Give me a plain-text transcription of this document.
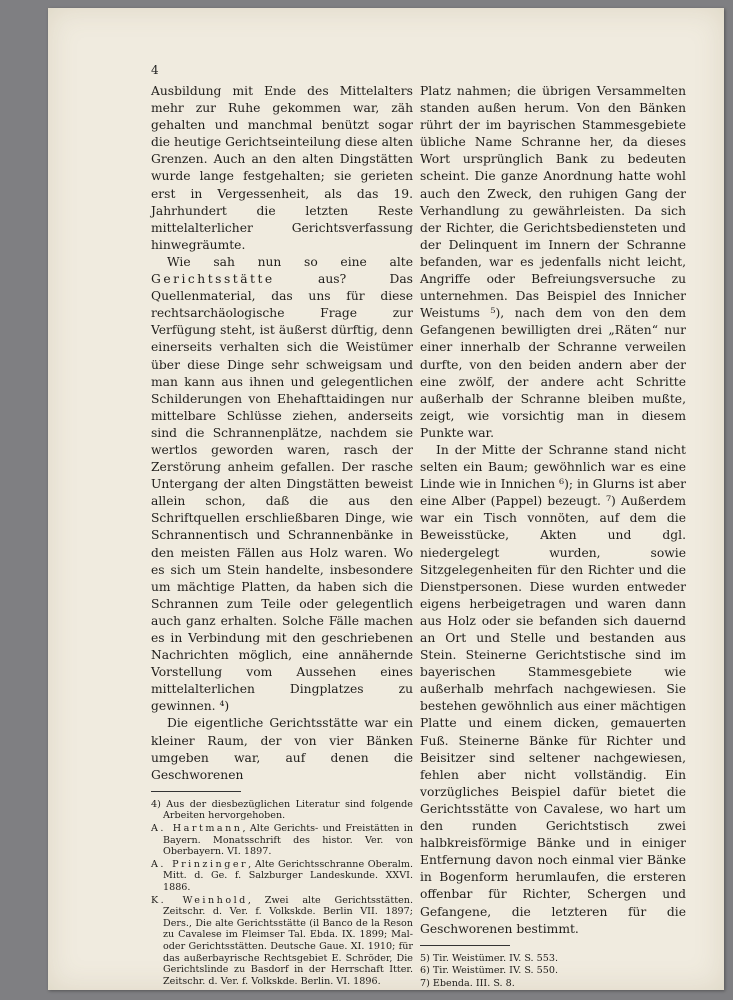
4

Ausbildung mit Ende des Mittelalters mehr zur Ruhe gekommen war, zäh gehalten und manchmal benützt sogar die heutige Gerichtseinteilung diese alten Grenzen. Auch an den alten Dingstätten wurde lange festgehalten; sie gerieten erst in Vergessenheit, als das 19. Jahrhundert die letzten Reste mittelalterlicher Gerichtsverfassung hinwegräumte.

Wie sah nun so eine alte Gerichtsstätte aus? Das Quellenmaterial, das uns für diese rechtsarchäologische Frage zur Verfügung steht, ist äußerst dürftig, denn einerseits verhalten sich die Weistümer über diese Dinge sehr schweigsam und man kann aus ihnen und gelegentlichen Schilderungen von Ehehafttaidingen nur mittelbare Schlüsse ziehen, anderseits sind die Schrannenplätze, nachdem sie wertlos geworden waren, rasch der Zerstörung anheim gefallen. Der rasche Untergang der alten Dingstätten beweist allein schon, daß die aus den Schriftquellen erschließbaren Dinge, wie Schrannentisch und Schrannenbänke in den meisten Fällen aus Holz waren. Wo es sich um Stein handelte, insbesondere um mächtige Platten, da haben sich die Schrannen zum Teile oder gelegentlich auch ganz erhalten. Solche Fälle machen es in Verbindung mit den geschriebenen Nachrichten möglich, eine annähernde Vorstellung vom Aussehen eines mittelalterlichen Dingplatzes zu gewinnen. ⁴)

Die eigentliche Gerichtsstätte war ein kleiner Raum, der von vier Bänken umgeben war, auf denen die Geschworenen

4) Aus der diesbezüglichen Literatur sind folgende Arbeiten hervorgehoben.

A. Hartmann, Alte Gerichts- und Freistätten in Bayern. Monatsschrift des histor. Ver. von Oberbayern. VI. 1897.

A. Prinzinger, Alte Gerichtsschranne Oberalm. Mitt. d. Ge. f. Salzburger Landeskunde. XXVI. 1886.

K. Weinhold, Zwei alte Gerichtsstätten. Zeitschr. d. Ver. f. Volkskde. Berlin VII. 1897; Ders., Die alte Gerichtsstätte (il Banco de la Reson zu Cavalese im Fleimser Tal. Ebda. IX. 1899; Mal- oder Gerichtsstätten. Deutsche Gaue. XI. 1910; für das außerbayrische Rechtsgebiet E. Schröder, Die Gerichtslinde zu Basdorf in der Herrschaft Itter. Zeitschr. d. Ver. f. Volkskde. Berlin. VI. 1896.

Platz nahmen; die übrigen Versammelten standen außen herum. Von den Bänken rührt der im bayrischen Stammesgebiete übliche Name Schranne her, da dieses Wort ursprünglich Bank zu bedeuten scheint. Die ganze Anordnung hatte wohl auch den Zweck, den ruhigen Gang der Verhandlung zu gewährleisten. Da sich der Richter, die Gerichtsbediensteten und der Delinquent im Innern der Schranne befanden, war es jedenfalls nicht leicht, Angriffe oder Befreiungsversuche zu unternehmen. Das Beispiel des Innicher Weistums ⁵), nach dem von den dem Gefangenen bewilligten drei „Räten“ nur einer innerhalb der Schranne verweilen durfte, von den beiden andern aber der eine zwölf, der andere acht Schritte außerhalb der Schranne bleiben mußte, zeigt, wie vorsichtig man in diesem Punkte war.

In der Mitte der Schranne stand nicht selten ein Baum; gewöhnlich war es eine Linde wie in Innichen ⁶); in Glurns ist aber eine Alber (Pappel) bezeugt. ⁷) Außerdem war ein Tisch vonnöten, auf dem die Beweisstücke, Akten und dgl. niedergelegt wurden, sowie Sitzgelegenheiten für den Richter und die Dienstpersonen. Diese wurden entweder eigens herbeigetragen und waren dann aus Holz oder sie befanden sich dauernd an Ort und Stelle und bestanden aus Stein. Steinerne Gerichtstische sind im bayerischen Stammesgebiete wie außerhalb mehrfach nachgewiesen. Sie bestehen gewöhnlich aus einer mächtigen Platte und einem dicken, gemauerten Fuß. Steinerne Bänke für Richter und Beisitzer sind seltener nachgewiesen, fehlen aber nicht vollständig. Ein vorzügliches Beispiel dafür bietet die Gerichtsstätte von Cavalese, wo hart um den runden Gerichtstisch zwei halbkreisförmige Bänke und in einiger Entfernung davon noch einmal vier Bänke in Bogenform herumlaufen, die ersteren offenbar für Richter, Schergen und Gefangene, die letzteren für die Geschworenen bestimmt.

5) Tir. Weistümer. IV. S. 553.

6) Tir. Weistümer. IV. S. 550.

7) Ebenda. III. S. 8.
